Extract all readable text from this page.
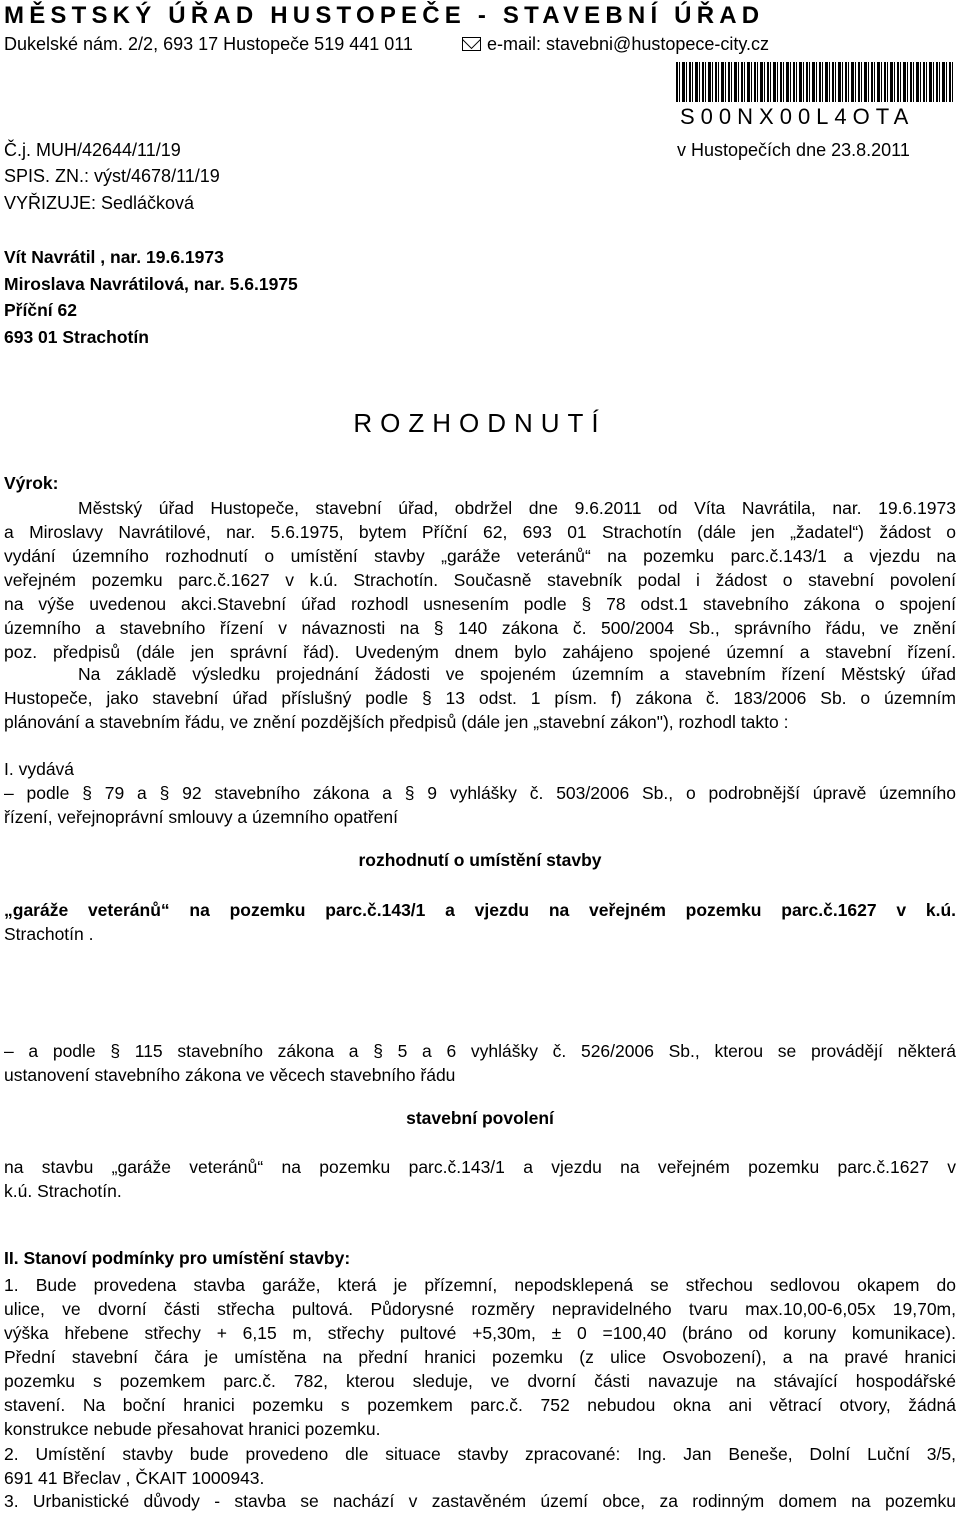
MĚSTSKÝ ÚŘAD HUSTOPEČE - STAVEBNÍ ÚŘAD
Dukelské nám. 2/2, 693 17 Hustopeče 519 441 011	e-mail: stavebni@hustopece-city.cz
S00NX00L4OTA
Č.j. MUH/42644/11/19	v Hustopečích dne 23.8.2011
SPIS. ZN.: výst/4678/11/19
VYŘIZUJE: Sedláčková
Vít Navrátil , nar. 19.6.1973
Miroslava Navrátilová, nar. 5.6.1975
Příční 62
693 01 Strachotín
ROZHODNUTÍ
Výrok:
Městský úřad Hustopeče, stavební úřad, obdržel dne 9.6.2011 od Víta Navrátila, nar. 19.6.1973
a Miroslavy Navrátilové, nar. 5.6.1975, bytem Příční 62, 693 01 Strachotín (dále jen „žadatel“) žádost o
vydání územního rozhodnutí o umístění stavby „garáže veteránů“ na pozemku parc.č.143/1 a vjezdu na
veřejném pozemku parc.č.1627 v k.ú. Strachotín. Současně stavebník podal i žádost o stavební povolení
na výše uvedenou akci.Stavební úřad rozhodl usnesením podle § 78 odst.1 stavebního zákona o spojení
územního a stavebního řízení v návaznosti na § 140 zákona č. 500/2004 Sb., správního řádu, ve znění
poz. předpisů (dále jen správní řád). Uvedeným dnem bylo zahájeno spojené územní a stavební řízení.
Na základě výsledku projednání žádosti ve spojeném územním a stavebním řízení Městský úřad
Hustopeče, jako stavební úřad příslušný podle § 13 odst. 1 písm. f) zákona č. 183/2006 Sb. o územním
plánování a stavebním řádu, ve znění pozdějších předpisů (dále jen „stavební zákon"), rozhodl takto :
I. vydává
– podle § 79 a § 92 stavebního zákona a § 9 vyhlášky č. 503/2006 Sb., o podrobnější úpravě územního
řízení, veřejnoprávní smlouvy a územního opatření
rozhodnutí o umístění stavby
„garáže veteránů“ na pozemku parc.č.143/1 a vjezdu na veřejném pozemku parc.č.1627 v k.ú.
Strachotín .
– a podle § 115 stavebního zákona a § 5 a 6 vyhlášky č. 526/2006 Sb., kterou se provádějí některá
ustanovení stavebního zákona ve věcech stavebního řádu
stavební povolení
na stavbu „garáže veteránů“ na pozemku parc.č.143/1 a vjezdu na veřejném pozemku parc.č.1627 v
k.ú. Strachotín.
II. Stanoví podmínky pro umístění stavby:
1. Bude provedena stavba garáže, která je přízemní, nepodsklepená se střechou sedlovou okapem do
ulice, ve dvorní části střecha pultová. Půdorysné rozměry nepravidelného tvaru max.10,00-6,05x 19,70m,
výška hřebene střechy + 6,15 m, střechy pultové +5,30m, ± 0 =100,40 (bráno od koruny komunikace).
Přední stavební čára je umístěna na přední hranici pozemku (z ulice Osvobození), a na pravé hranici
pozemku s pozemkem parc.č. 782, kterou sleduje, ve dvorní části navazuje na stávající hospodářské
stavení. Na boční hranici pozemku s pozemkem parc.č. 752 nebudou okna ani větrací otvory, žádná
konstrukce nebude přesahovat hranici pozemku.
2. Umístění stavby bude provedeno dle situace stavby zpracované: Ing. Jan Beneše, Dolní Luční 3/5,
691 41 Břeclav , ČKAIT 1000943.
3. Urbanistické důvody - stavba se nachází v zastavěném území obce, za rodinným domem na pozemku
